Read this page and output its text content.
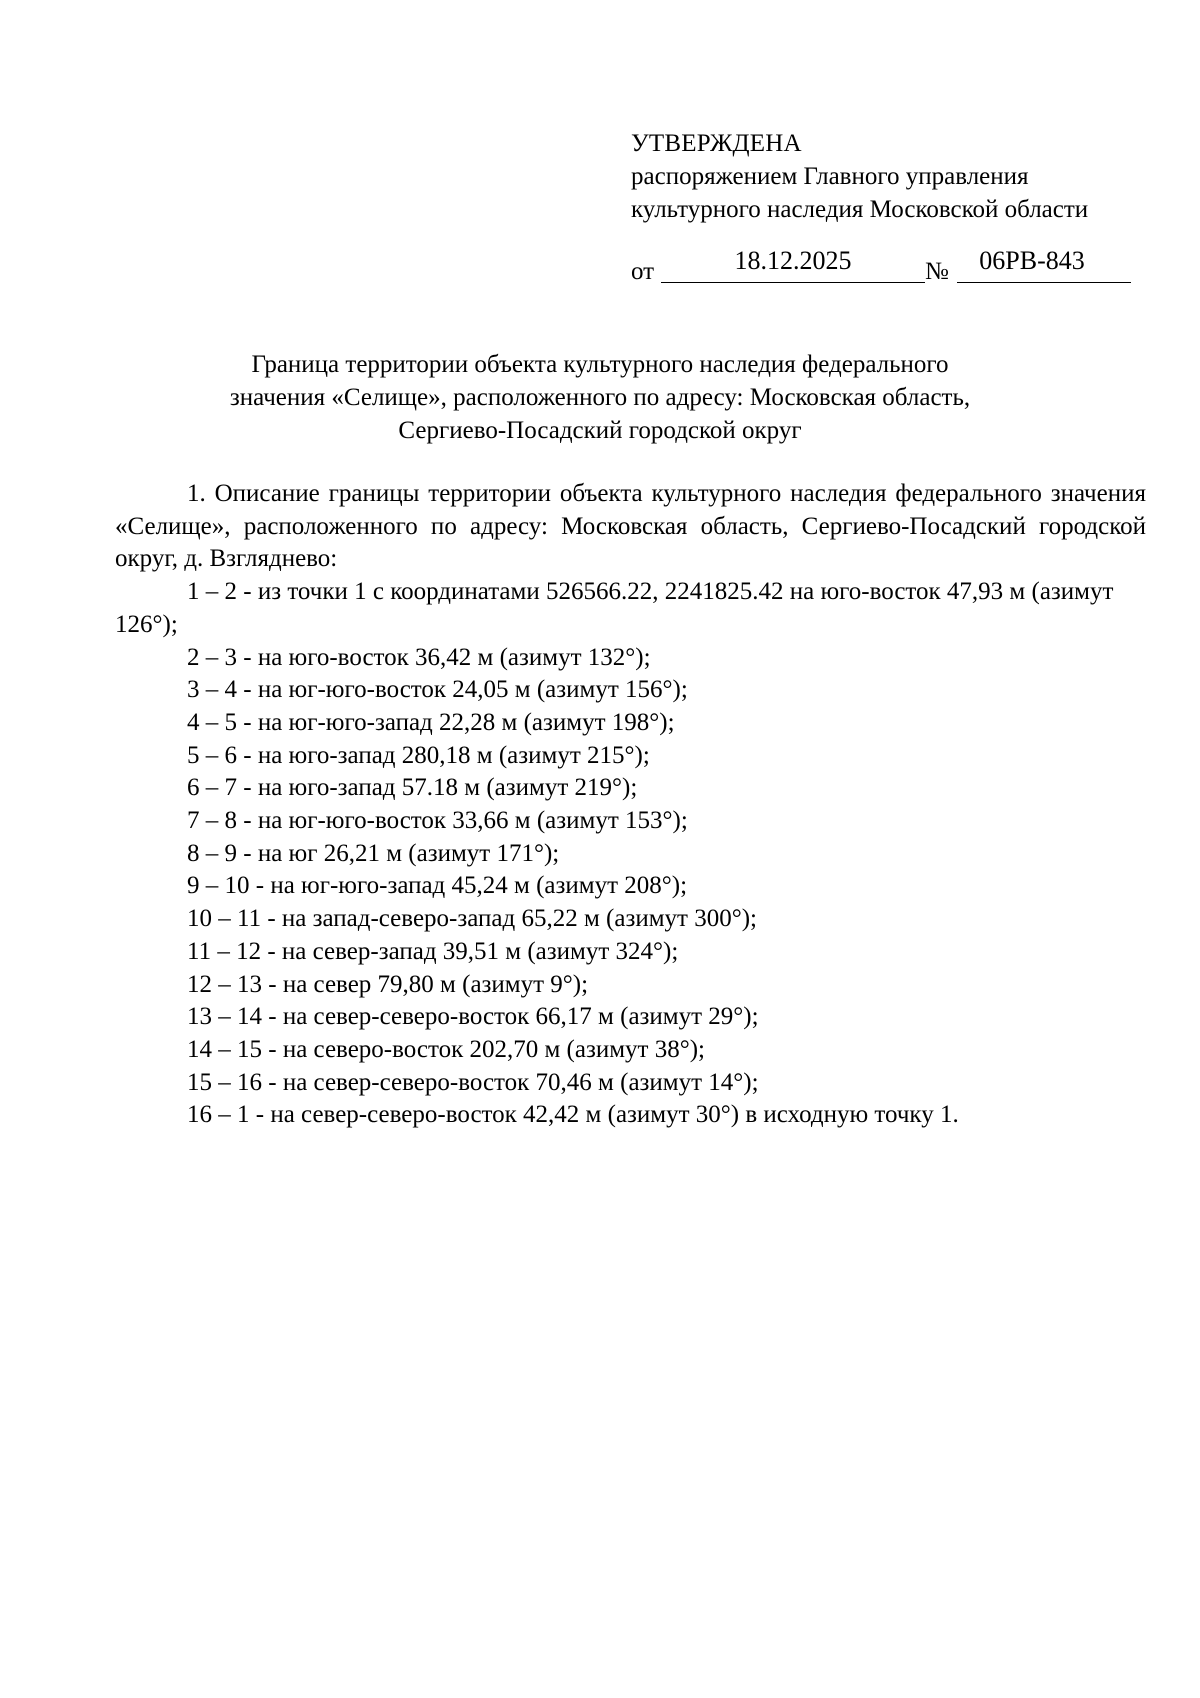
УТВЕРЖДЕНА
распоряжением Главного управления
культурного наследия Московской области
от	18.12.2025	№	06РВ-843
Граница территории объекта культурного наследия федерального
значения «Селище», расположенного по адресу: Московская область,
Сергиево-Посадский городской округ

1. Описание границы территории объекта культурного наследия федерального значения «Селище», расположенного по адресу: Московская область, Сергиево-Посадский городской округ, д. Взгляднево:

1 – 2 - из точки 1 с координатами 526566.22, 2241825.42 на юго-восток 47,93 м (азимут 126°);

2 – 3 - на юго-восток 36,42 м (азимут 132°);

3 – 4 - на юг-юго-восток 24,05 м (азимут 156°);

4 – 5 - на юг-юго-запад 22,28 м (азимут 198°);

5 – 6 - на юго-запад 280,18 м (азимут 215°);

6 – 7 - на юго-запад 57.18 м (азимут 219°);

7 – 8 - на юг-юго-восток 33,66 м (азимут 153°);

8 – 9 - на юг 26,21 м (азимут 171°);

9 – 10 - на юг-юго-запад 45,24 м (азимут 208°);

10 – 11 - на запад-северо-запад 65,22 м (азимут 300°);

11 – 12 - на север-запад 39,51 м (азимут 324°);

12 – 13 - на север 79,80 м (азимут 9°);

13 – 14 - на север-северо-восток 66,17 м (азимут 29°);

14 – 15 - на северо-восток 202,70 м (азимут 38°);

15 – 16 - на север-северо-восток 70,46 м (азимут 14°);

16 – 1 - на север-северо-восток 42,42 м (азимут 30°) в исходную точку 1.
